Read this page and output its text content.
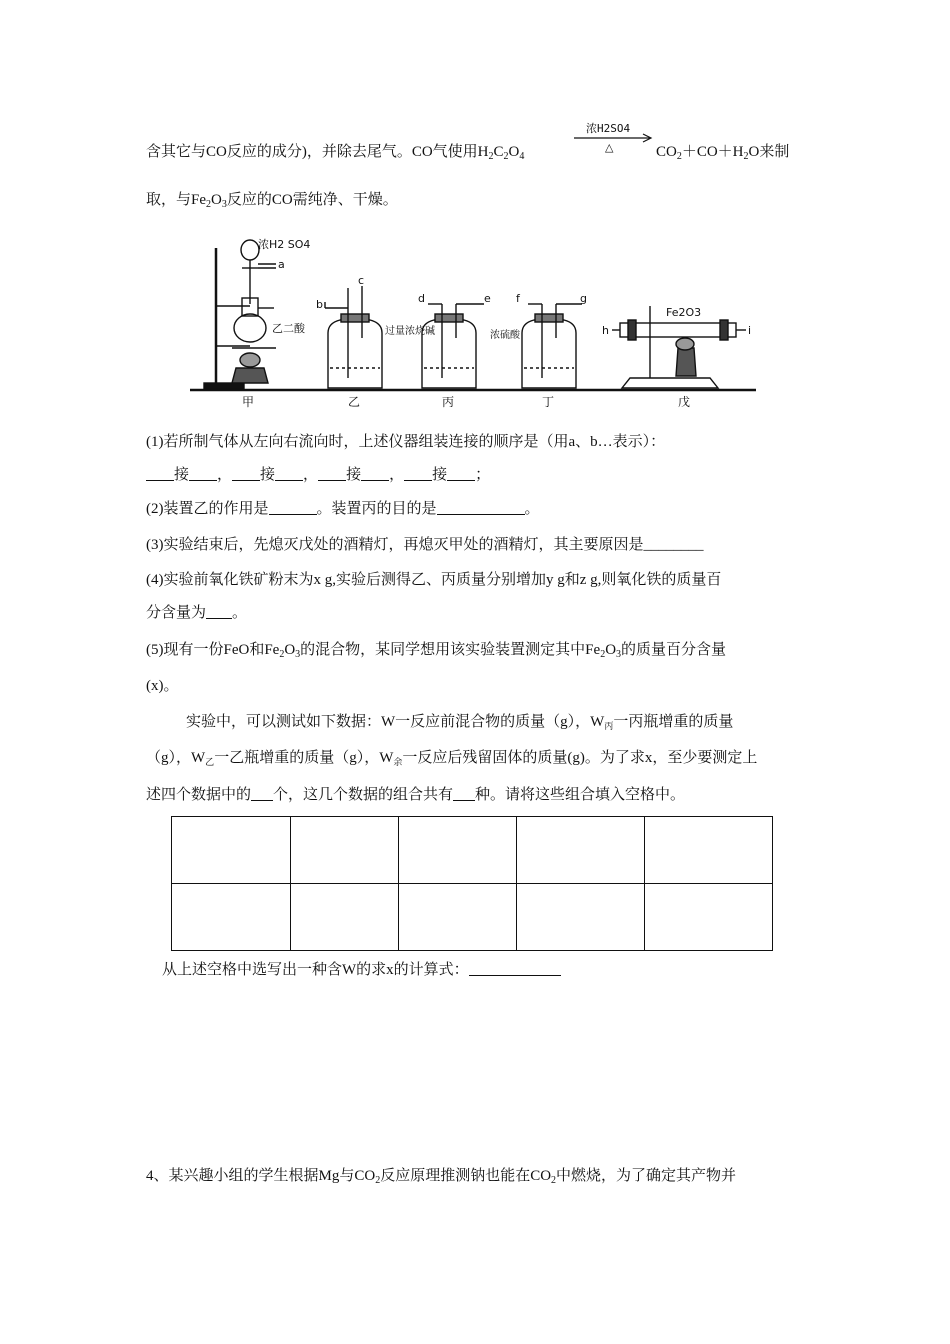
含其它与CO反应的成分)，并除去尾气。CO气使用$H_2C_2O_4$
浓H2SO4
△	$CO_2+CO+H_2O$来制
取，与$Fe_2O_3$反应的CO需纯净、干燥。
浓H2 SO4
乙二酸	过量浓烧碱	浓硫酸
Fe2O3
a
b
c
d	e f	g
h	i
甲	乙	丙	丁	戊
(1)若所制气体从左向右流向时，上述仪器组装连接的顺序是（用a、b…表示）：
接 ， 接 ， 接 ， 接 ；
(2)装置乙的作用是	。装置丙的目的是	。
(3)实验结束后，先熄灭戊处的酒精灯，再熄灭甲处的酒精灯，其主要原因是________
(4)实验前氧化铁矿粉末为x g,实验后测得乙、丙质量分别增加y g和z g,则氧化铁的质量百
分含量为 。
(5)现有一份FeO和$Fe_2O_3$的混合物，某同学想用该实验装置测定其中$Fe_2O_3$的质量百分含量
(x)。
实验中，可以测试如下数据：W一反应前混合物的质量（g），$W_丙$一丙瓶增重的质量
（g），$W_乙$一乙瓶增重的质量（g），$W_余$一反应后残留固体的质量(g)。为了求x，至少要测定上
述四个数据中的 个，这几个数据的组合共有 种。请将这些组合填入空格中。

从上述空格中选写出一种含W的求x的计算式：
4、某兴趣小组的学生根据Mg与$CO_2$反应原理推测钠也能在$CO_2$中燃烧，为了确定其产物并
